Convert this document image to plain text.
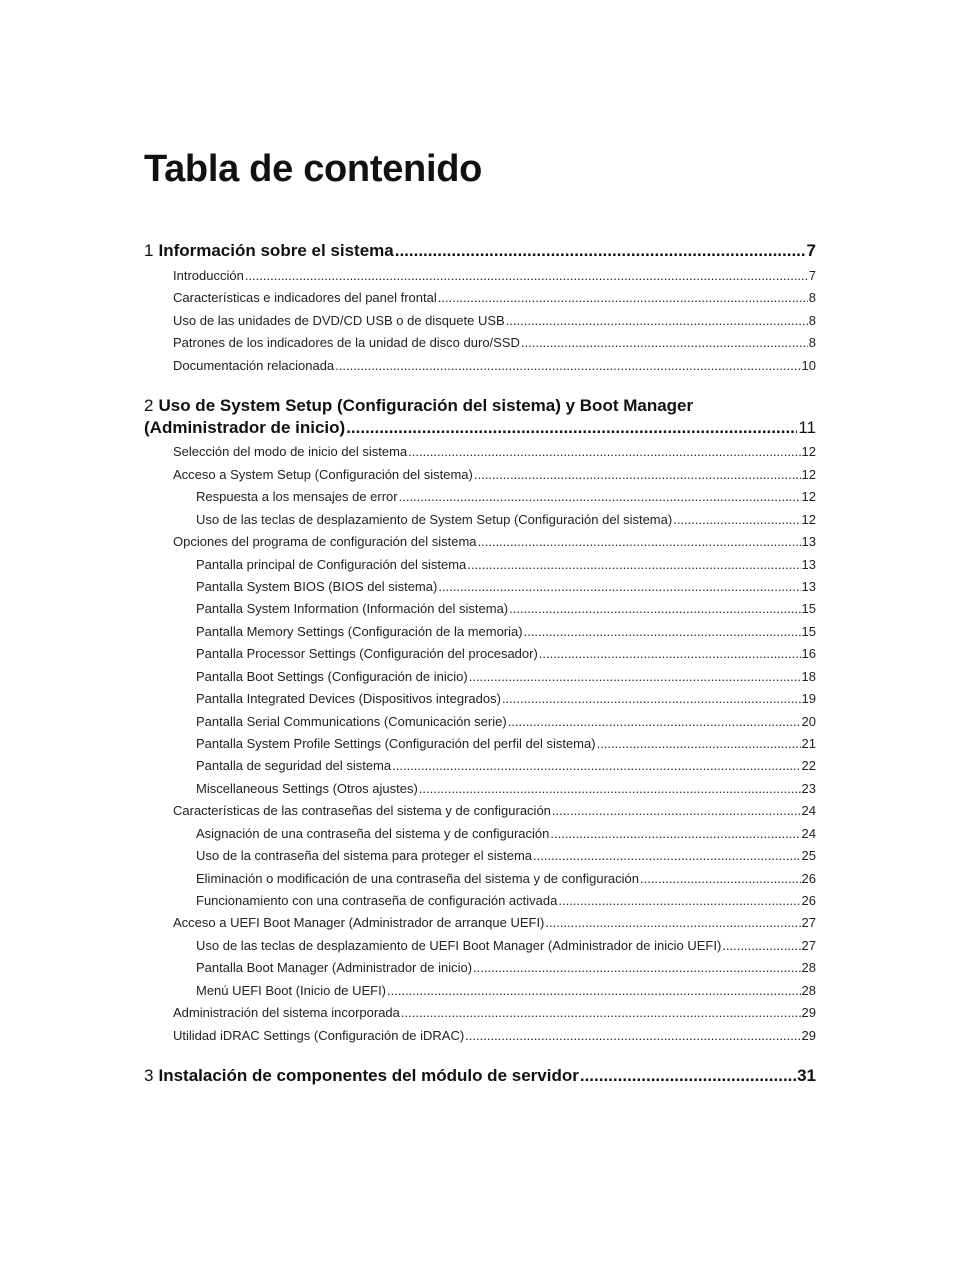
Tabla de contenido
1 Información sobre el sistema .....	7
Introducción .....	7
Características e indicadores del panel frontal .....	8
Uso de las unidades de DVD/CD USB o de disquete USB .....	8
Patrones de los indicadores de la unidad de disco duro/SSD .....	8
Documentación relacionada .....	10
2 Uso de System Setup (Configuración del sistema) y Boot Manager
(Administrador de inicio) .....	11
Selección del modo de inicio del sistema .....	12
Acceso a System Setup (Configuración del sistema) .....	12
Respuesta a los mensajes de error .....	12
Uso de las teclas de desplazamiento de System Setup (Configuración del sistema) .....	12
Opciones del programa de configuración del sistema .....	13
Pantalla principal de Configuración del sistema .....	13
Pantalla System BIOS (BIOS del sistema) .....	13
Pantalla System Information (Información del sistema) .....	15
Pantalla Memory Settings (Configuración de la memoria) .....	15
Pantalla Processor Settings (Configuración del procesador) .....	16
Pantalla Boot Settings (Configuración de inicio) .....	18
Pantalla Integrated Devices (Dispositivos integrados) .....	19
Pantalla Serial Communications (Comunicación serie) .....	20
Pantalla System Profile Settings (Configuración del perfil del sistema) .....	21
Pantalla de seguridad del sistema .....	22
Miscellaneous Settings (Otros ajustes) .....	23
Características de las contraseñas del sistema y de configuración .....	24
Asignación de una contraseña del sistema y de configuración .....	24
Uso de la contraseña del sistema para proteger el sistema .....	25
Eliminación o modificación de una contraseña del sistema y de configuración .....	26
Funcionamiento con una contraseña de configuración activada .....	26
Acceso a UEFI Boot Manager (Administrador de arranque UEFI) .....	27
Uso de las teclas de desplazamiento de UEFI Boot Manager (Administrador de inicio UEFI) .....	27
Pantalla Boot Manager (Administrador de inicio) .....	28
Menú UEFI Boot (Inicio de UEFI) .....	28
Administración del sistema incorporada .....	29
Utilidad iDRAC Settings (Configuración de iDRAC) .....	29
3 Instalación de componentes del módulo de servidor .....	31
